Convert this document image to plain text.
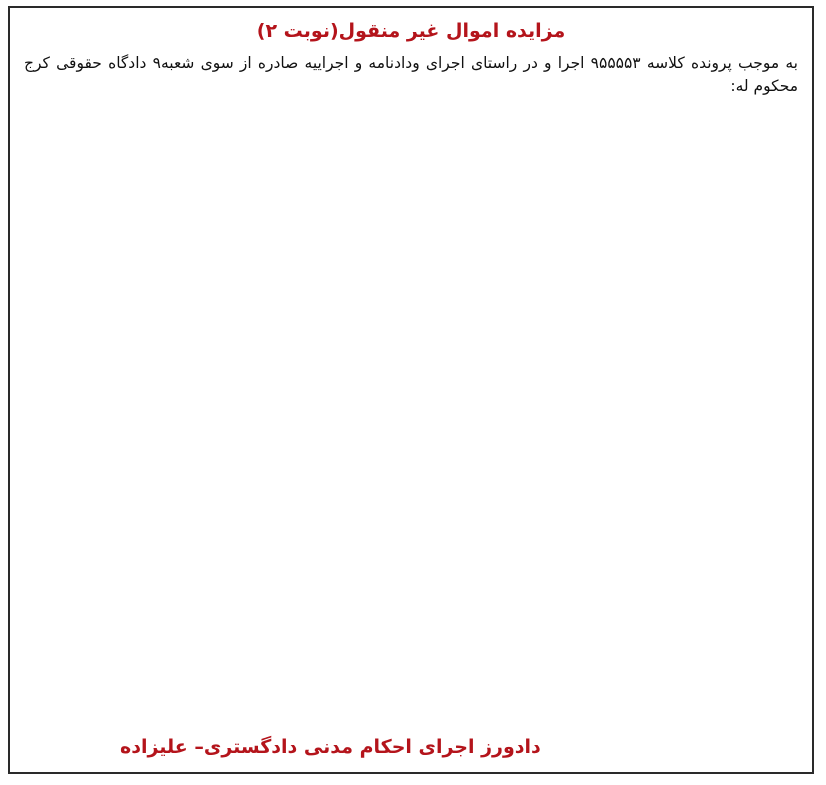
مزایده اموال غیر منقول(نوبت ۲)
به موجب پرونده کلاسه ۹۵۵۵۵۳ اجرا و در راستای اجرای ودادنامه و اجراییه صادره از سوی شعبه۹ دادگاه حقوقی کرج محکوم له:
دادورز اجرای احکام مدنی دادگستری– علیزاده
